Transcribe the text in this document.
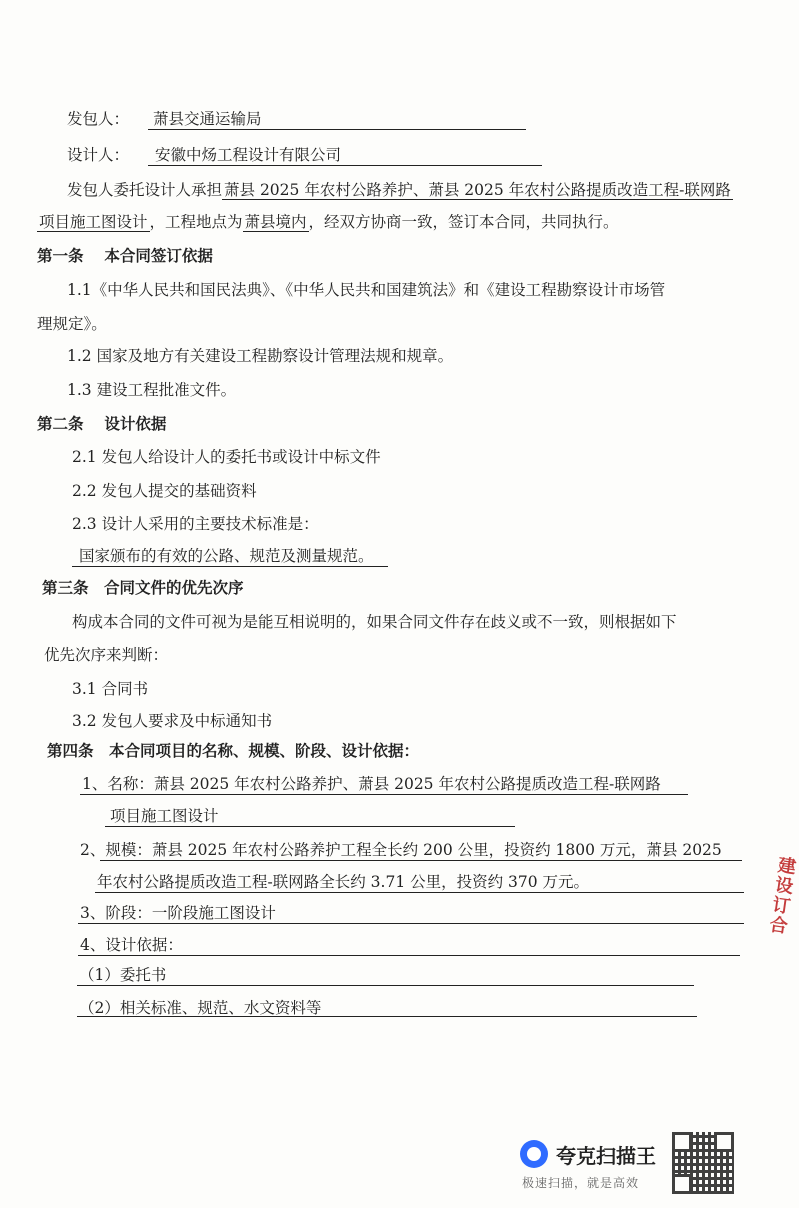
发包人： 萧县交通运输局
设计人： 安徽中炀工程设计有限公司
发包人委托设计人承担 萧县 2025 年农村公路养护、萧县 2025 年农村公路提质改造工程-联网路
项目施工图设计 ，工程地点为 萧县境内 ，经双方协商一致，签订本合同，共同执行。
第一条　 本合同签订依据
1.1《中华人民共和国民法典》、《中华人民共和国建筑法》和《建设工程勘察设计市场管
理规定》。
1.2 国家及地方有关建设工程勘察设计管理法规和规章。
1.3 建设工程批准文件。
第二条　 设计依据
2.1 发包人给设计人的委托书或设计中标文件
2.2 发包人提交的基础资料
2.3 设计人采用的主要技术标准是：
国家颁布的有效的公路、规范及测量规范。
第三条　合同文件的优先次序
构成本合同的文件可视为是能互相说明的，如果合同文件存在歧义或不一致，则根据如下
优先次序来判断：
3.1 合同书
3.2 发包人要求及中标通知书
第四条　本合同项目的名称、规模、阶段、设计依据：
1、名称：萧县 2025 年农村公路养护、萧县 2025 年农村公路提质改造工程-联网路
项目施工图设计
2、规模：萧县 2025 年农村公路养护工程全长约 200 公里，投资约 1800 万元，萧县 2025
年农村公路提质改造工程-联网路全长约 3.71 公里，投资约 370 万元。
3、阶段：一阶段施工图设计
4、设计依据：
（1）委托书
（2）相关标准、规范、水文资料等
建设订合
夸克扫描王
极速扫描，就是高效
